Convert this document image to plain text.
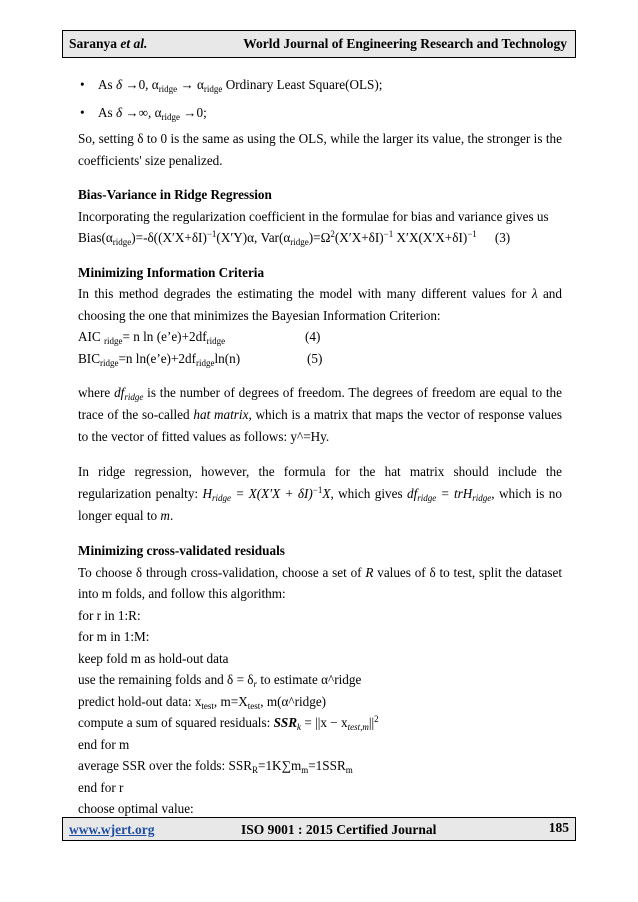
Saranya et al.	World Journal of Engineering Research and Technology

• As δ →0, $\alpha_{ridge} \to \alpha_{ridge}$ Ordinary Least Square(OLS);

• As δ →∞, $\alpha_{ridge} \to 0$;

So, setting δ to 0 is the same as using the OLS, while the larger its value, the stronger is the coefficients' size penalized.

Bias-Variance in Ridge Regression

Incorporating the regularization coefficient in the formulae for bias and variance gives us

$Bias(\alpha_{ridge})=-\delta((X'X+\delta I)^{-1}(X'Y)\alpha$, $Var(\alpha_{ridge})=\Omega^2(X'X+\delta I)^{-1}$ $X'X(X'X+\delta I)^{-1}$ (3)

Minimizing Information Criteria

In this method degrades the estimating the model with many different values for λ and choosing the one that minimizes the Bayesian Information Criterion:

AIC $_{ridge}$= n $\ln (e’e)+2df_{ridge}$	(4)

$BIC_{ridge}=n$ $\ln(e’e)+2df_{ridge}\ln(n)$	(5)

where $df_{ridge}$ is the number of degrees of freedom. The degrees of freedom are equal to the trace of the so-called hat matrix, which is a matrix that maps the vector of response values to the vector of fitted values as follows: y^=Hy.

In ridge regression, however, the formula for the hat matrix should include the regularization penalty: $H_{ridge} = X(X'X + \delta I)^{-1}X$, which gives $df_{ridge} = trH_{ridge}$, which is no longer equal to m.

Minimizing cross-validated residuals

To choose δ through cross-validation, choose a set of R values of δ to test, split the dataset into m folds, and follow this algorithm:

for r in 1:R:

for m in 1:M:

keep fold m as hold-out data

use the remaining folds and $\delta = \delta_r$ to estimate α^ridge

predict hold-out data: $x_{test}$, $m=X_{test}$, m(α^ridge)

compute a sum of squared residuals: $SSR_k = ||x - x_{test,m}||^2$

end for m

average SSR over the folds: $SSR_R=1K\sum m_m=1SSR_m$

end for r

choose optimal value:

www.wjert.org	ISO 9001 : 2015 Certified Journal	185
